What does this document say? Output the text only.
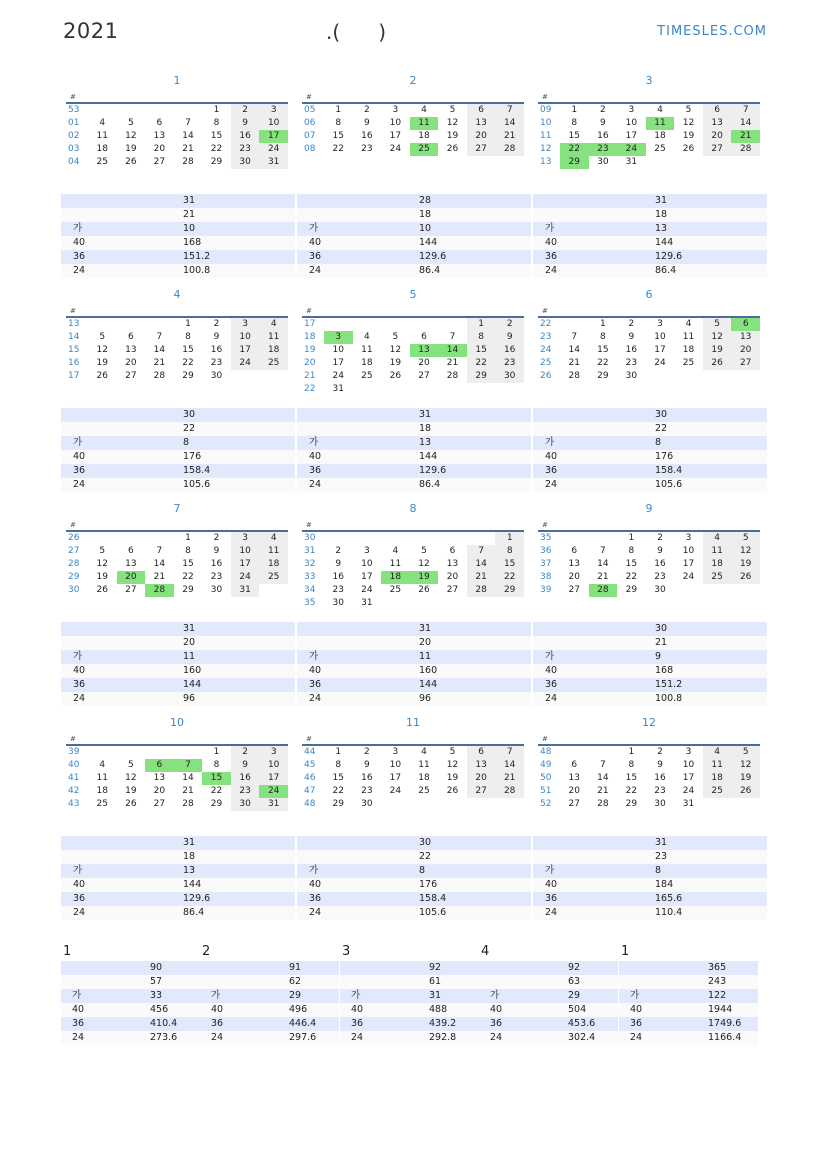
2021	.(      )	TIMESLES.COM
1
#							
53					1	2	3
01	4	5	6	7	8	9	10
02	11	12	13	14	15	16	17
03	18	19	20	21	22	23	24
04	25	26	27	28	29	30	31
	31
	21
가	10
40	168
36	151.2
24	100.8
2
#							
05	1	2	3	4	5	6	7
06	8	9	10	11	12	13	14
07	15	16	17	18	19	20	21
08	22	23	24	25	26	27	28
	28
	18
가	10
40	144
36	129.6
24	86.4
3
#							
09	1	2	3	4	5	6	7
10	8	9	10	11	12	13	14
11	15	16	17	18	19	20	21
12	22	23	24	25	26	27	28
13	29	30	31				
	31
	18
가	13
40	144
36	129.6
24	86.4
4
#							
13				1	2	3	4
14	5	6	7	8	9	10	11
15	12	13	14	15	16	17	18
16	19	20	21	22	23	24	25
17	26	27	28	29	30		
	30
	22
가	8
40	176
36	158.4
24	105.6
5
#							
17						1	2
18	3	4	5	6	7	8	9
19	10	11	12	13	14	15	16
20	17	18	19	20	21	22	23
21	24	25	26	27	28	29	30
22	31						
	31
	18
가	13
40	144
36	129.6
24	86.4
6
#							
22		1	2	3	4	5	6
23	7	8	9	10	11	12	13
24	14	15	16	17	18	19	20
25	21	22	23	24	25	26	27
26	28	29	30				
	30
	22
가	8
40	176
36	158.4
24	105.6
7
#							
26				1	2	3	4
27	5	6	7	8	9	10	11
28	12	13	14	15	16	17	18
29	19	20	21	22	23	24	25
30	26	27	28	29	30	31	
	31
	20
가	11
40	160
36	144
24	96
8
#							
30							1
31	2	3	4	5	6	7	8
32	9	10	11	12	13	14	15
33	16	17	18	19	20	21	22
34	23	24	25	26	27	28	29
35	30	31					
	31
	20
가	11
40	160
36	144
24	96
9
#							
35			1	2	3	4	5
36	6	7	8	9	10	11	12
37	13	14	15	16	17	18	19
38	20	21	22	23	24	25	26
39	27	28	29	30			
	30
	21
가	9
40	168
36	151.2
24	100.8
10
#							
39					1	2	3
40	4	5	6	7	8	9	10
41	11	12	13	14	15	16	17
42	18	19	20	21	22	23	24
43	25	26	27	28	29	30	31
	31
	18
가	13
40	144
36	129.6
24	86.4
11
#							
44	1	2	3	4	5	6	7
45	8	9	10	11	12	13	14
46	15	16	17	18	19	20	21
47	22	23	24	25	26	27	28
48	29	30					
	30
	22
가	8
40	176
36	158.4
24	105.6
12
#							
48			1	2	3	4	5
49	6	7	8	9	10	11	12
50	13	14	15	16	17	18	19
51	20	21	22	23	24	25	26
52	27	28	29	30	31		
	31
	23
가	8
40	184
36	165.6
24	110.4
1
	90
	57
가	33
40	456
36	410.4
24	273.6
2
	91
	62
가	29
40	496
36	446.4
24	297.6
3
	92
	61
가	31
40	488
36	439.2
24	292.8
4
	92
	63
가	29
40	504
36	453.6
24	302.4
1
	365
	243
가	122
40	1944
36	1749.6
24	1166.4
